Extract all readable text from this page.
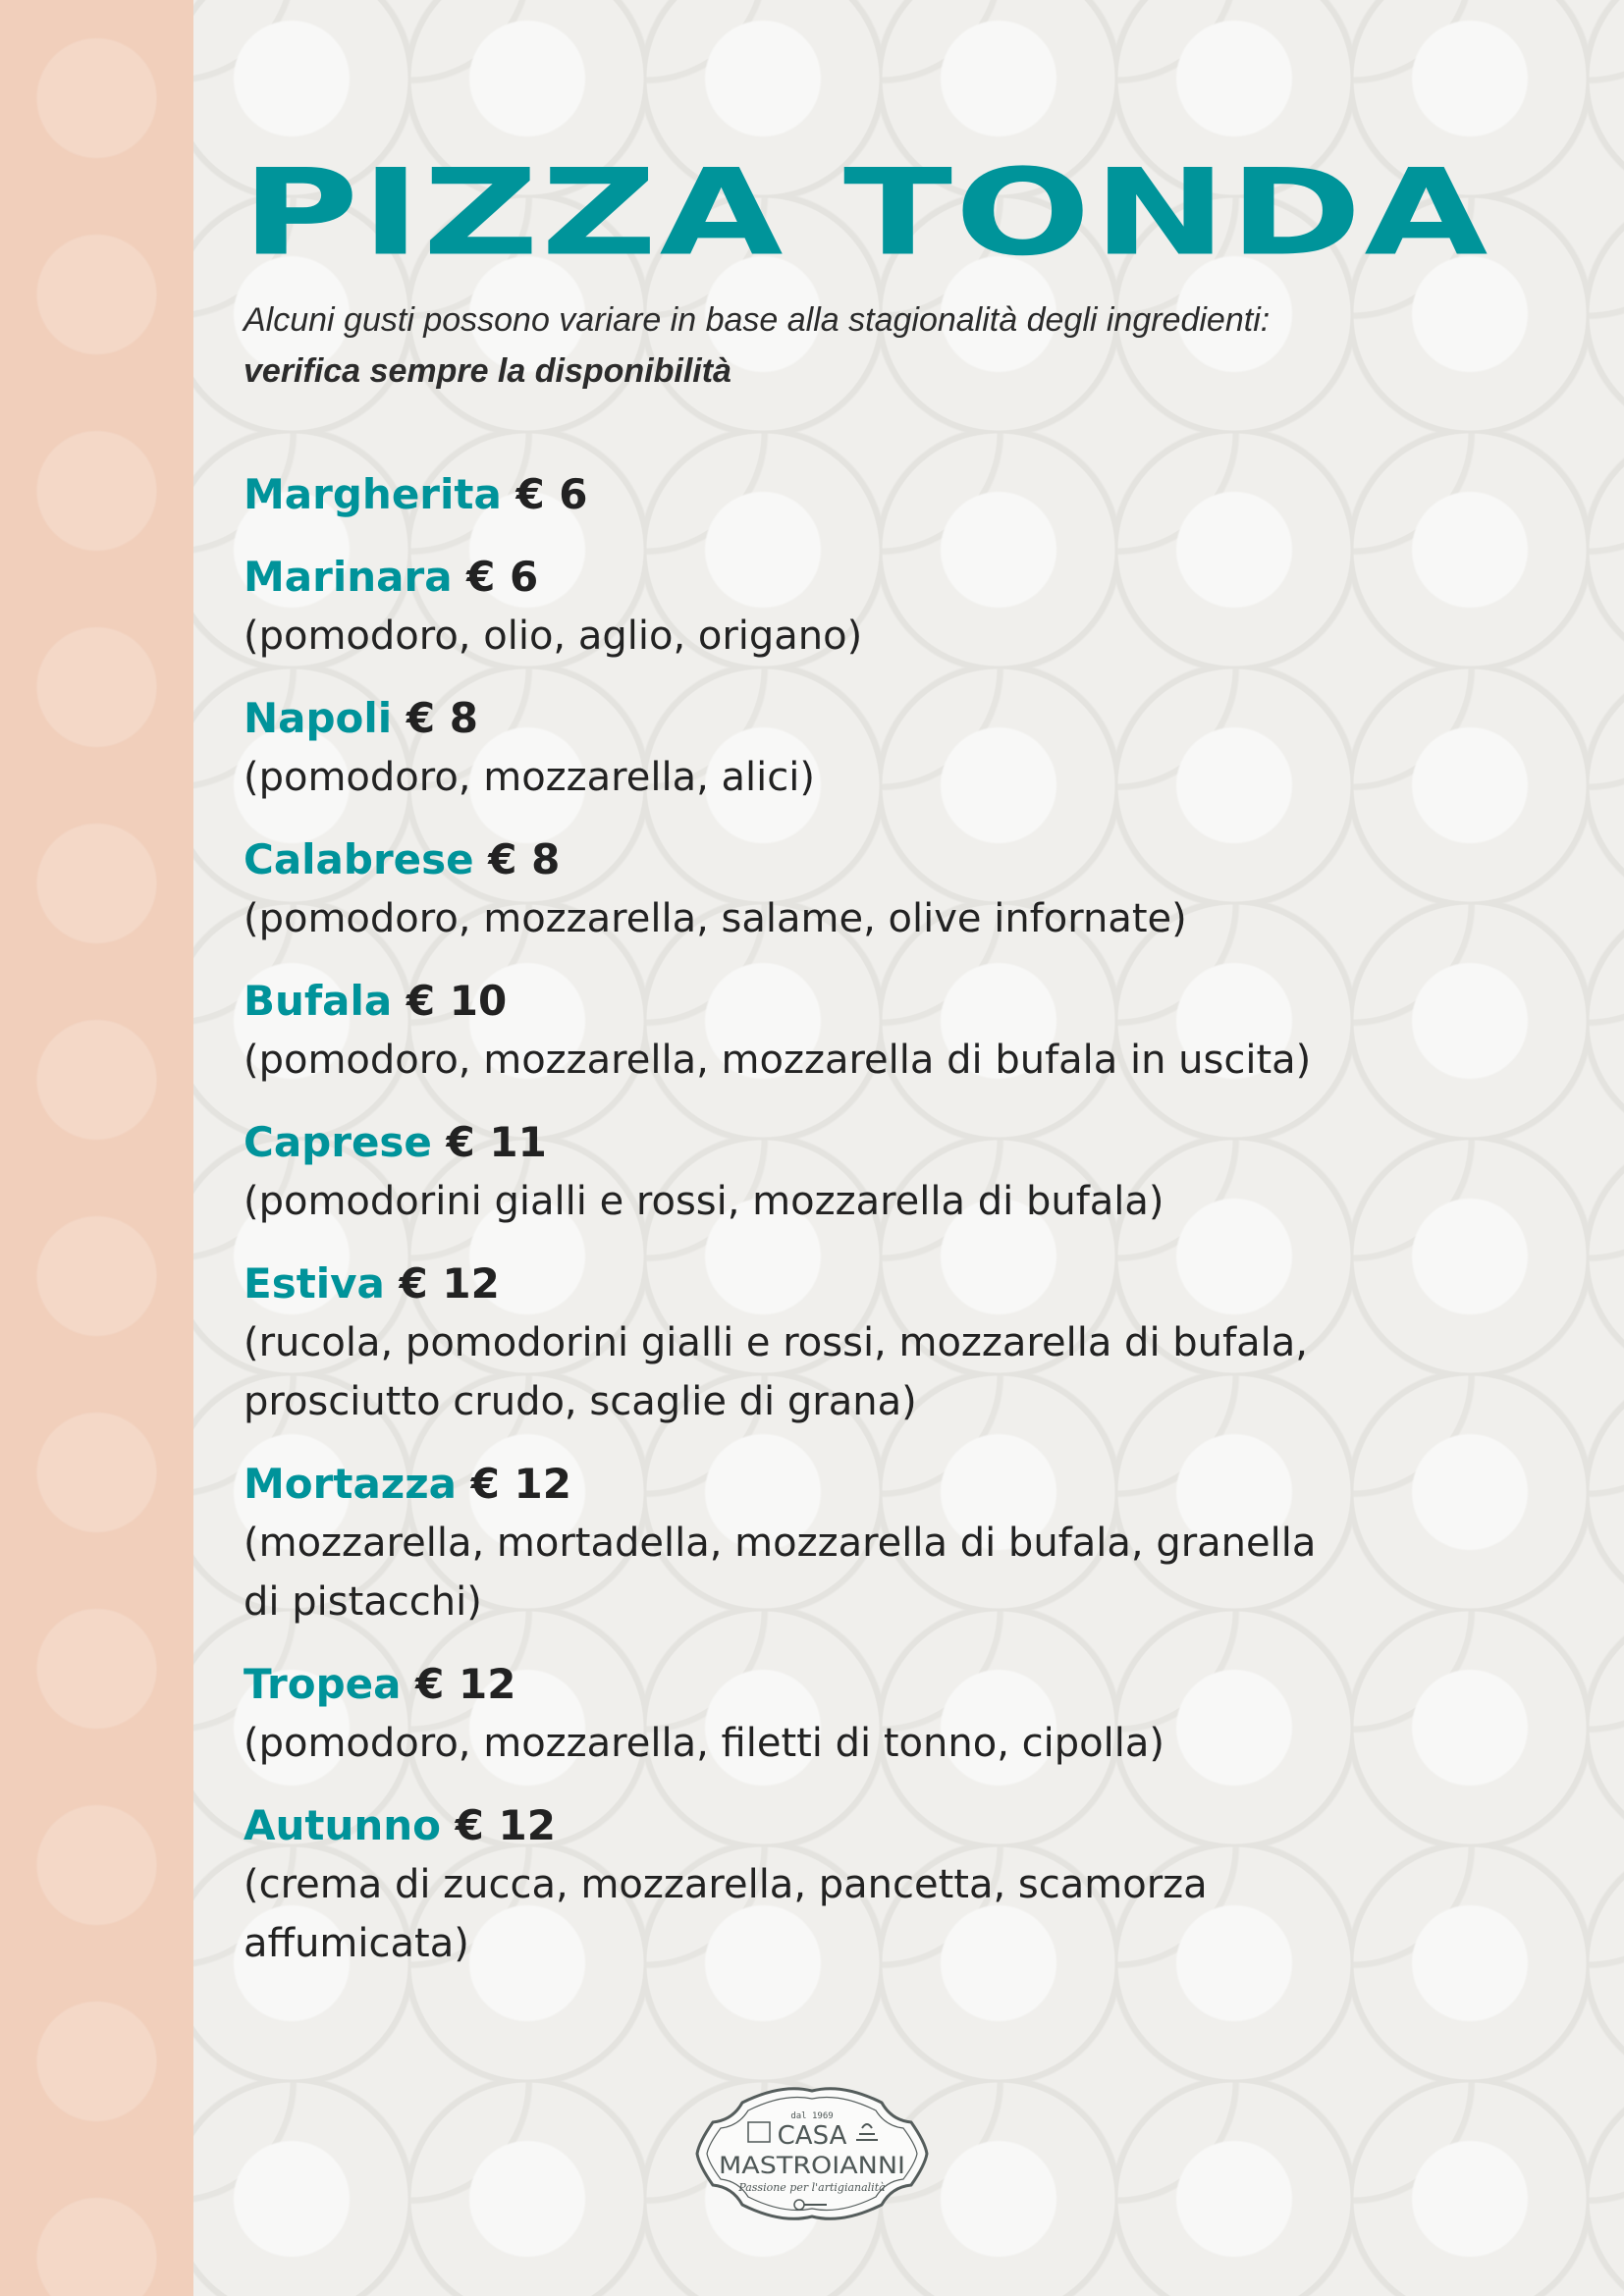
PIZZA TONDA
Alcuni gusti possono variare in base alla stagionalità degli ingredienti:
verifica sempre la disponibilità
Margherita € 6
Marinara € 6
(pomodoro, olio, aglio, origano)
Napoli € 8
(pomodoro, mozzarella, alici)
Calabrese € 8
(pomodoro, mozzarella, salame, olive infornate)
Bufala € 10
(pomodoro, mozzarella, mozzarella di bufala in uscita)
Caprese € 11
(pomodorini gialli e rossi, mozzarella di bufala)
Estiva € 12
(rucola, pomodorini gialli e rossi, mozzarella di bufala, prosciutto crudo, scaglie di grana)
Mortazza € 12
(mozzarella, mortadella, mozzarella di bufala, granella di pistacchi)
Tropea € 12
(pomodoro, mozzarella, filetti di tonno, cipolla)
Autunno € 12
(crema di zucca, mozzarella, pancetta, scamorza affumicata)
dal 1969
CASA
MASTROIANNI
Passione per l'artigianalità
